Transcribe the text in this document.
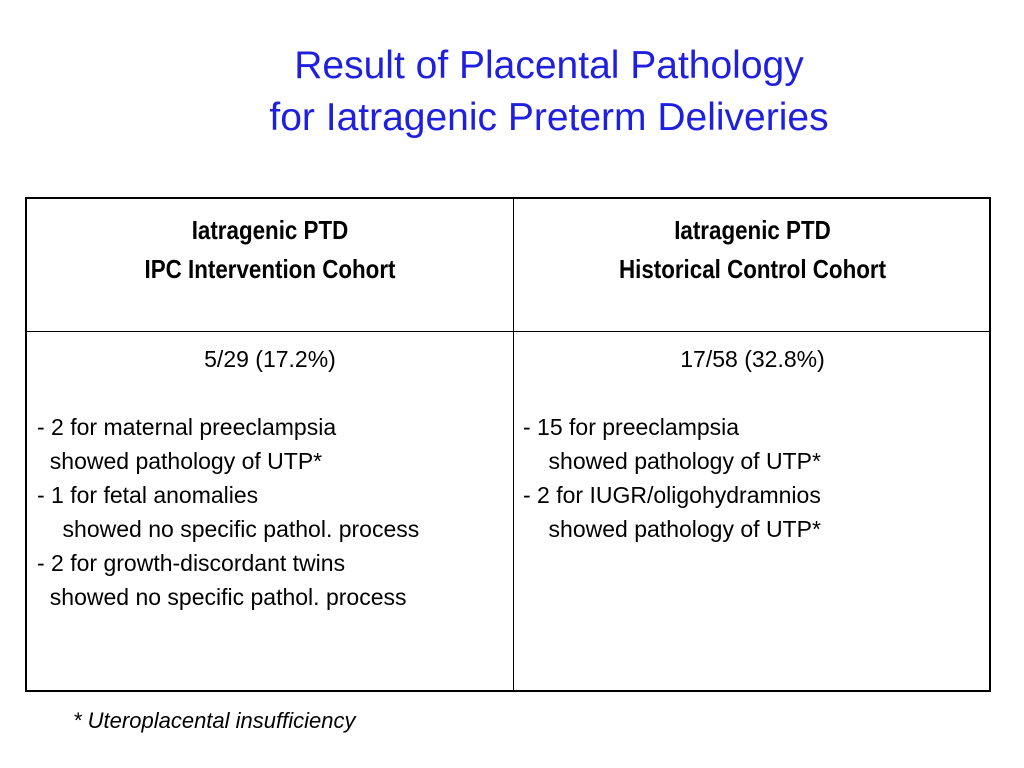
Result of Placental Pathology
for Iatragenic Preterm Deliveries
Iatragenic PTD
IPC Intervention Cohort
Iatragenic PTD
Historical Control Cohort
5/29 (17.2%)
- 2 for maternal preeclampsia
showed pathology of UTP*
- 1 for fetal anomalies
showed no specific pathol. process
- 2 for growth-discordant twins
showed no specific pathol. process
17/58 (32.8%)
- 15 for preeclampsia
showed pathology of UTP*
- 2 for IUGR/oligohydramnios
showed pathology of UTP*
* Uteroplacental insufficiency
